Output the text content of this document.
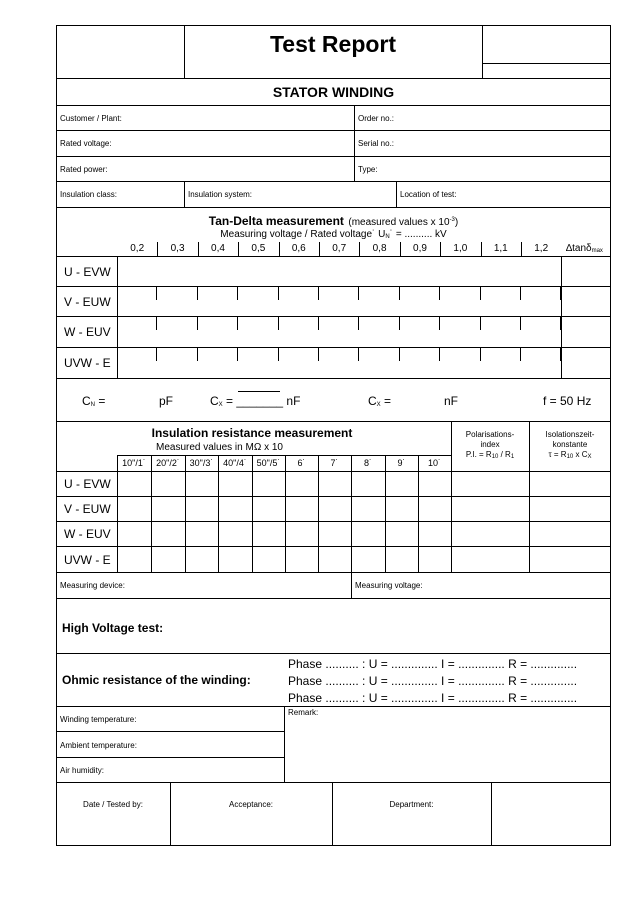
Test Report
STATOR WINDING
Customer / Plant:	Order no.:
Rated voltage:	Serial no.:
Rated power:	Type:
Insulation class:	Insulation system:	Location of test:
Tan-Delta measurement (measured values x $10^{-3}$)
Measuring voltage / Rated voltage˙ UN˙ = .......... kV
0,2	0,3	0,4	0,5	0,6	0,7	0,8	0,9	1,0	1,1	1,2	∆tanδmax
U - EVW
V - EUW
W - EUV
UVW - E
CN =	pF	CX = _______ nF	CX =	nF	f = 50 Hz
Insulation resistance measurement
Measured values in MΩ x 10
Polarisations-
index
P.I. = R10 / R1
Isolationszeit-
konstante
τ = R10 x CX
10"/1˙	20"/2˙	30"/3˙	40"/4˙	50"/5˙	6˙	7˙	8˙	9˙	10˙
U - EVW
V - EUW
W - EUV
UVW - E
Measuring device:	Measuring voltage:
High Voltage test:
Ohmic resistance of the winding:
Phase .......... : U = .............. I = .............. R = ..............
Phase .......... : U = .............. I = .............. R = ..............
Phase .......... : U = .............. I = .............. R = ..............
Remark:
Winding temperature:
Ambient temperature:
Air humidity:
Date / Tested by:	Acceptance:	Department:
